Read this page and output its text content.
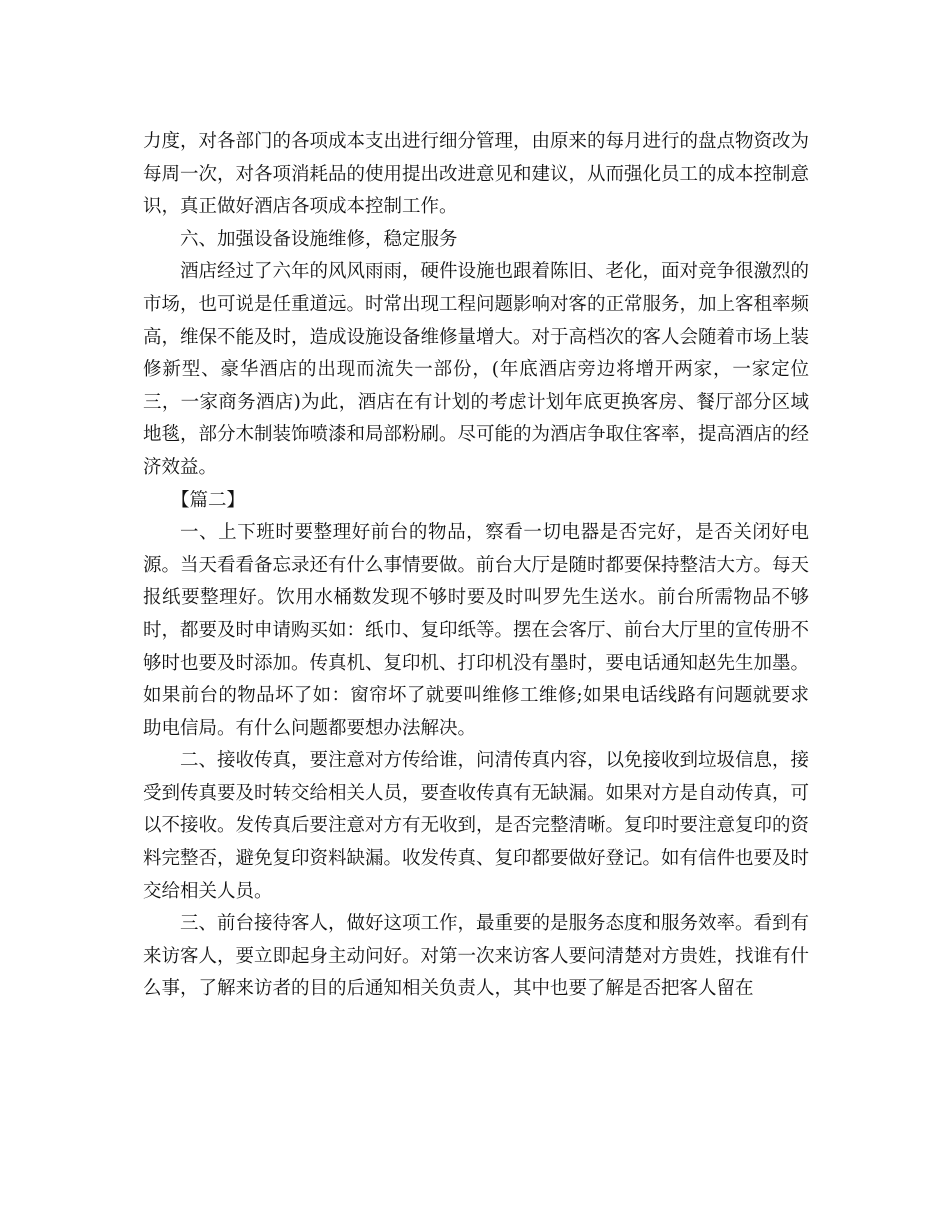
力度，对各部门的各项成本支出进行细分管理，由原来的每月进行的盘点物资改为每周一次，对各项消耗品的使用提出改进意见和建议，从而强化员工的成本控制意识，真正做好酒店各项成本控制工作。

六、加强设备设施维修，稳定服务

酒店经过了六年的风风雨雨，硬件设施也跟着陈旧、老化，面对竞争很激烈的市场，也可说是任重道远。时常出现工程问题影响对客的正常服务，加上客租率频高，维保不能及时，造成设施设备维修量增大。对于高档次的客人会随着市场上装修新型、豪华酒店的出现而流失一部份，(年底酒店旁边将增开两家，一家定位三，一家商务酒店)为此，酒店在有计划的考虑计划年底更换客房、餐厅部分区域地毯，部分木制装饰喷漆和局部粉刷。尽可能的为酒店争取住客率，提高酒店的经济效益。

【篇二】

一、上下班时要整理好前台的物品，察看一切电器是否完好，是否关闭好电源。当天看看备忘录还有什么事情要做。前台大厅是随时都要保持整洁大方。每天报纸要整理好。饮用水桶数发现不够时要及时叫罗先生送水。前台所需物品不够时，都要及时申请购买如：纸巾、复印纸等。摆在会客厅、前台大厅里的宣传册不够时也要及时添加。传真机、复印机、打印机没有墨时，要电话通知赵先生加墨。如果前台的物品坏了如：窗帘坏了就要叫维修工维修;如果电话线路有问题就要求助电信局。有什么问题都要想办法解决。

二、接收传真，要注意对方传给谁，问清传真内容，以免接收到垃圾信息，接受到传真要及时转交给相关人员，要查收传真有无缺漏。如果对方是自动传真，可以不接收。发传真后要注意对方有无收到，是否完整清晰。复印时要注意复印的资料完整否，避免复印资料缺漏。收发传真、复印都要做好登记。如有信件也要及时交给相关人员。

三、前台接待客人，做好这项工作，最重要的是服务态度和服务效率。看到有来访客人，要立即起身主动问好。对第一次来访客人要问清楚对方贵姓，找谁有什么事，了解来访者的目的后通知相关负责人，其中也要了解是否把客人留在
